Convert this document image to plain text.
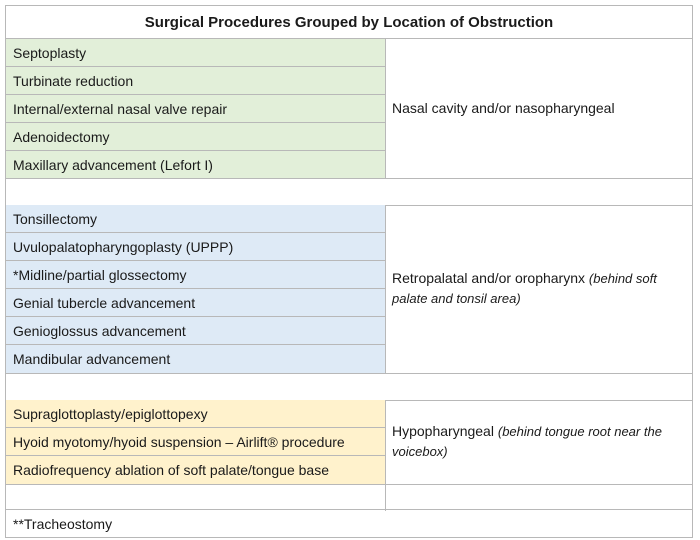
Surgical Procedures Grouped by Location of Obstruction
Septoplasty
Turbinate reduction
Internal/external nasal valve repair
Adenoidectomy
Maxillary advancement (Lefort I)
Nasal cavity and/or nasopharyngeal
Tonsillectomy
Uvulopalatopharyngoplasty (UPPP)
*Midline/partial glossectomy
Genial tubercle advancement
Genioglossus advancement
Mandibular advancement
Retropalatal and/or oropharynx (behind soft palate and tonsil area)
Supraglottoplasty/epiglottopexy
Hyoid myotomy/hyoid suspension – Airlift® procedure
Radiofrequency ablation of soft palate/tongue base
Hypopharyngeal (behind tongue root near the voicebox)
**Tracheostomy
